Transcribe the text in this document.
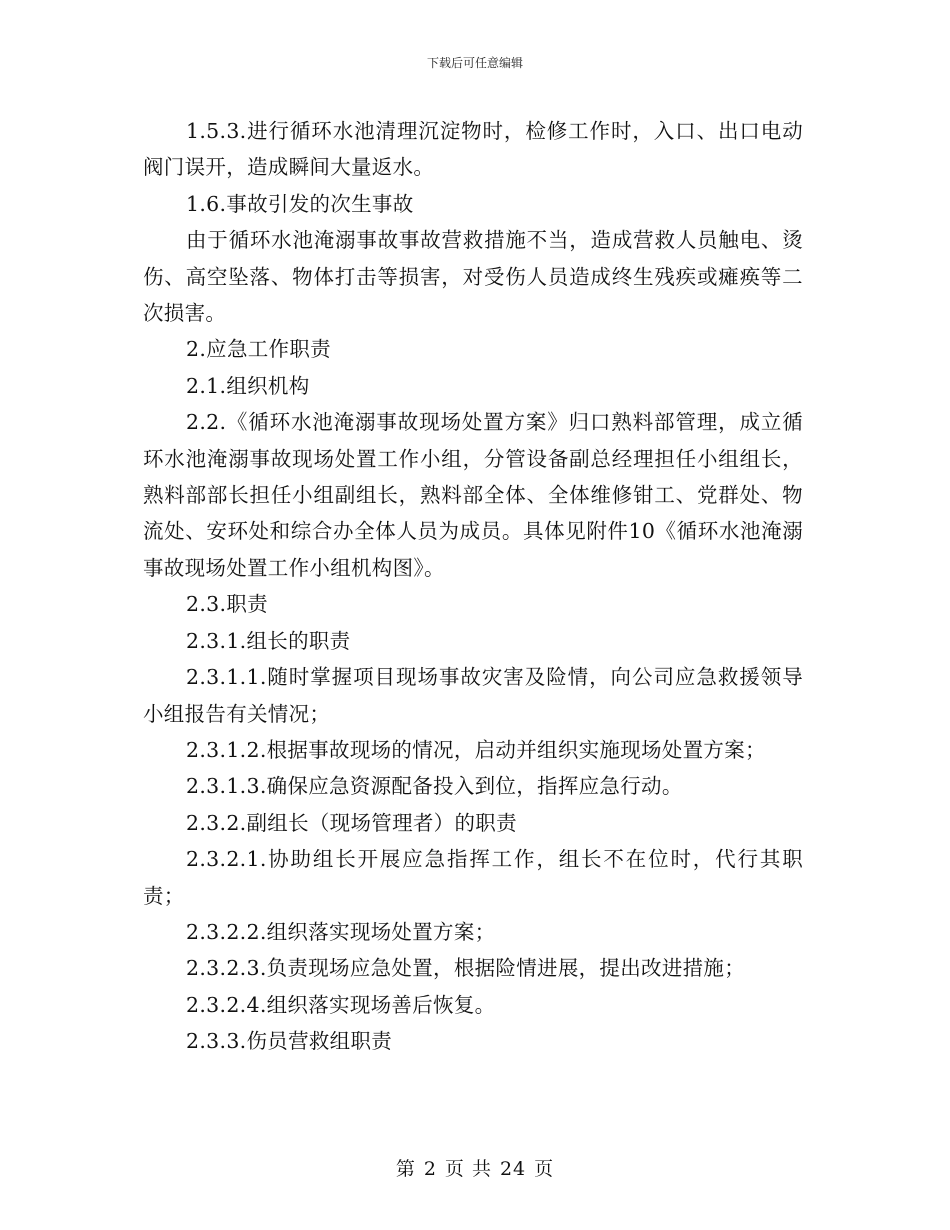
下载后可任意编辑

1.5.3.进行循环水池清理沉淀物时，检修工作时，入口、出口电动阀门误开，造成瞬间大量返水。

1.6.事故引发的次生事故

由于循环水池淹溺事故事故营救措施不当，造成营救人员触电、烫伤、高空坠落、物体打击等损害，对受伤人员造成终生残疾或瘫痪等二次损害。

2.应急工作职责

2.1.组织机构

2.2.《循环水池淹溺事故现场处置方案》归口熟料部管理，成立循环水池淹溺事故现场处置工作小组，分管设备副总经理担任小组组长，熟料部部长担任小组副组长，熟料部全体、全体维修钳工、党群处、物流处、安环处和综合办全体人员为成员。具体见附件10《循环水池淹溺事故现场处置工作小组机构图》。

2.3.职责

2.3.1.组长的职责

2.3.1.1.随时掌握项目现场事故灾害及险情，向公司应急救援领导小组报告有关情况；

2.3.1.2.根据事故现场的情况，启动并组织实施现场处置方案；

2.3.1.3.确保应急资源配备投入到位，指挥应急行动。

2.3.2.副组长（现场管理者）的职责

2.3.2.1.协助组长开展应急指挥工作，组长不在位时，代行其职责；

2.3.2.2.组织落实现场处置方案；

2.3.2.3.负责现场应急处置，根据险情进展，提出改进措施；

2.3.2.4.组织落实现场善后恢复。

2.3.3.伤员营救组职责

第 2 页 共 24 页
